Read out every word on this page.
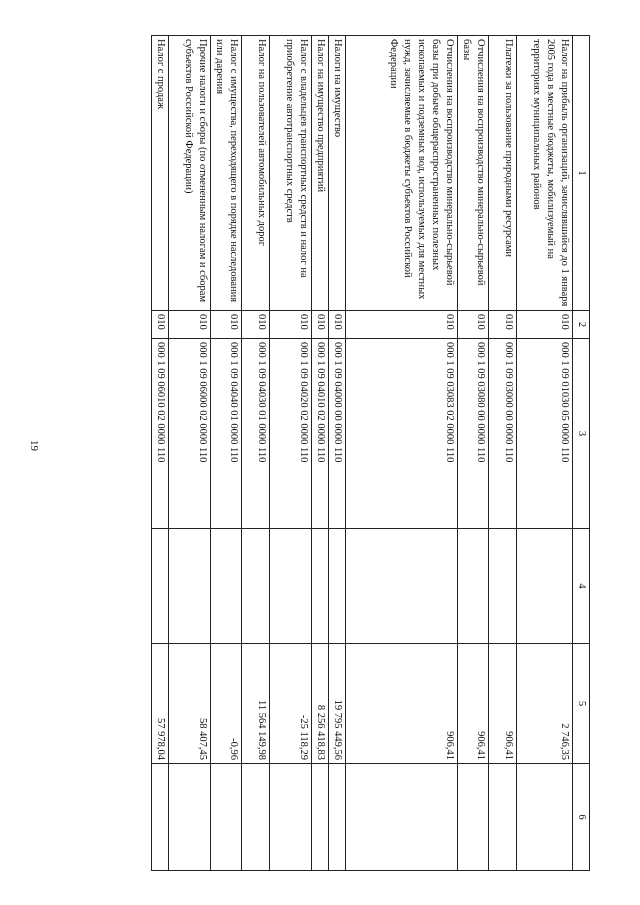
19
1	2	3	4	5	6
Налог на прибыль организаций, зачислявшийся до 1 января 2005 года в местные бюджеты, мобилизуемый на территориях муниципальных районов	010	000 1 09 01030 05 0000 110		2 746,35	
Платежи за пользование природными ресурсами	010	000 1 09 03000 00 0000 110		906,41	
Отчисления на воспроизводство минерально-сырьевой базы	010	000 1 09 03080 00 0000 110		906,41	
Отчисления на воспроизводство минерально-сырьевой базы при добыче общераспространенных полезных ископаемых и подземных вод, используемых для местных нужд, зачисляемые в бюджеты субъектов Российской Федерации	010	000 1 09 03083 02 0000 110		906,41	
Налоги на имущество	010	000 1 09 04000 00 0000 110		19 795 449,56	
Налог на имущество предприятий	010	000 1 09 04010 02 0000 110		8 256 418,83	
Налог с владельцев транспортных средств и налог на приобретение автотранспортных средств	010	000 1 09 04020 02 0000 110		-25 118,29	
Налог на пользователей автомобильных дорог	010	000 1 09 04030 01 0000 110		11 564 149,98	
Налог с имущества, переходящего в порядке наследования или дарения	010	000 1 09 04040 01 0000 110		-0,96	
Прочие налоги и сборы (по отмененным налогам и сборам субъектов Российской Федерации)	010	000 1 09 06000 02 0000 110		58 407,45	
Налог с продаж	010	000 1 09 06010 02 0000 110		57 978,04	
